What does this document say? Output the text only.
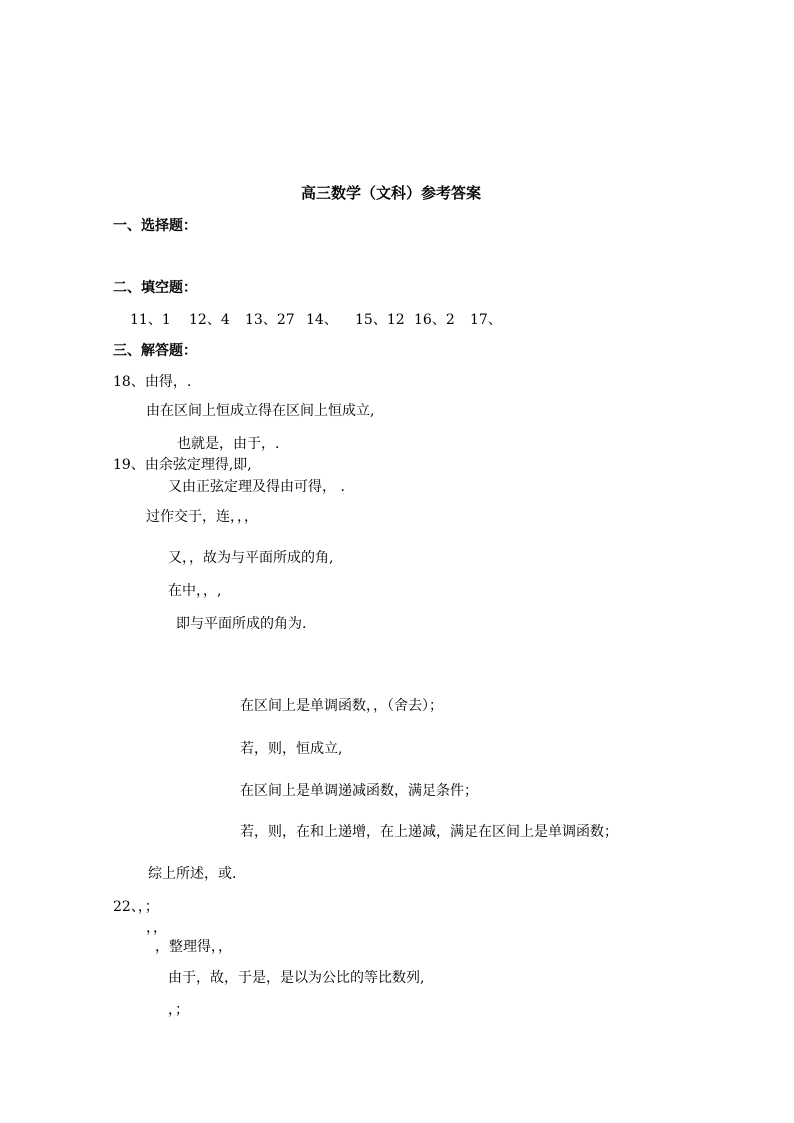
高三数学（文科）参考答案
一、选择题：
二、填空题：
11、1 12、4 13、27 14、 15、12 16、2 17、
三、解答题：
18、由得，.
由在区间上恒成立得在区间上恒成立,
也就是，由于，.
19、由余弦定理得,即,
又由正弦定理及得由可得， .
过作交于，连，，，
又，，故为与平面所成的角,
在中，，,
即与平面所成的角为.
在区间上是单调函数，，（舍去）；
若，则，恒成立,
在区间上是单调递减函数，满足条件；
若，则，在和上递增，在上递减，满足在区间上是单调函数；
综上所述，或.
22、，；
，，
，整理得，，
由于，故，于是，是以为公比的等比数列,
，；
